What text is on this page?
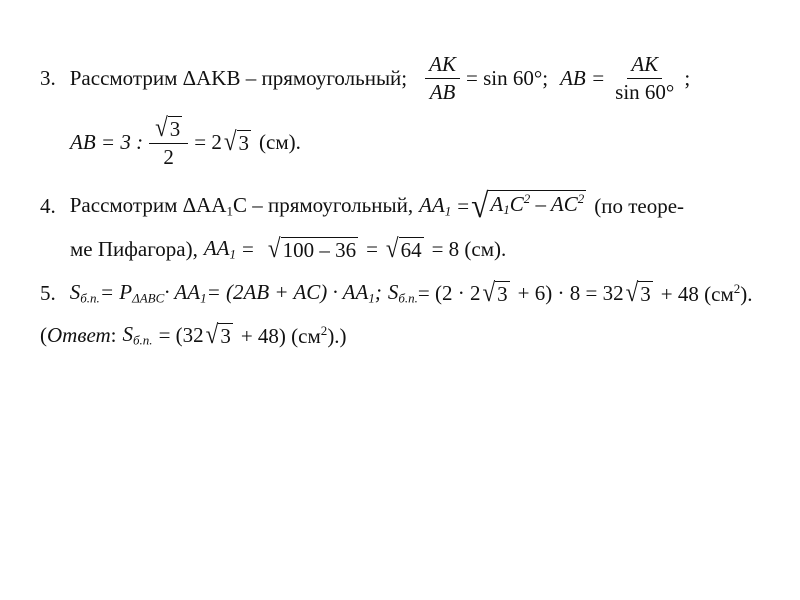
3. Рассмотрим ΔAKB – прямоугольный; $\frac{AK}{AB} = \sin 60^\circ$; AB = $\frac{AK}{\sin 60^\circ}$ ;
AB = 3 : $\frac{√ 3}{2} = 2$ √ 3 (см).
4. Рассмотрим $\Delta AA_1C$ – прямоугольный, $AA_1$ = √ $A_1C^2 - AC^2$ (по теоре-
ме Пифагора), $AA_1$ = √ 100 – 36 = √ 64 = 8 (см).
5. $S_{б.п.} = P_{\Delta ABC} \cdot AA_1 = (2AB + AC) \cdot AA_1$; $S_{б.п.} = (2 \cdot 2$ √ 3 + 6) · 8 = 32 √ 3 + 48 $(см^2)$.
( Ответ : $S_{б.п.} = (32$ √ 3 + 48) $(см^2)$.)
